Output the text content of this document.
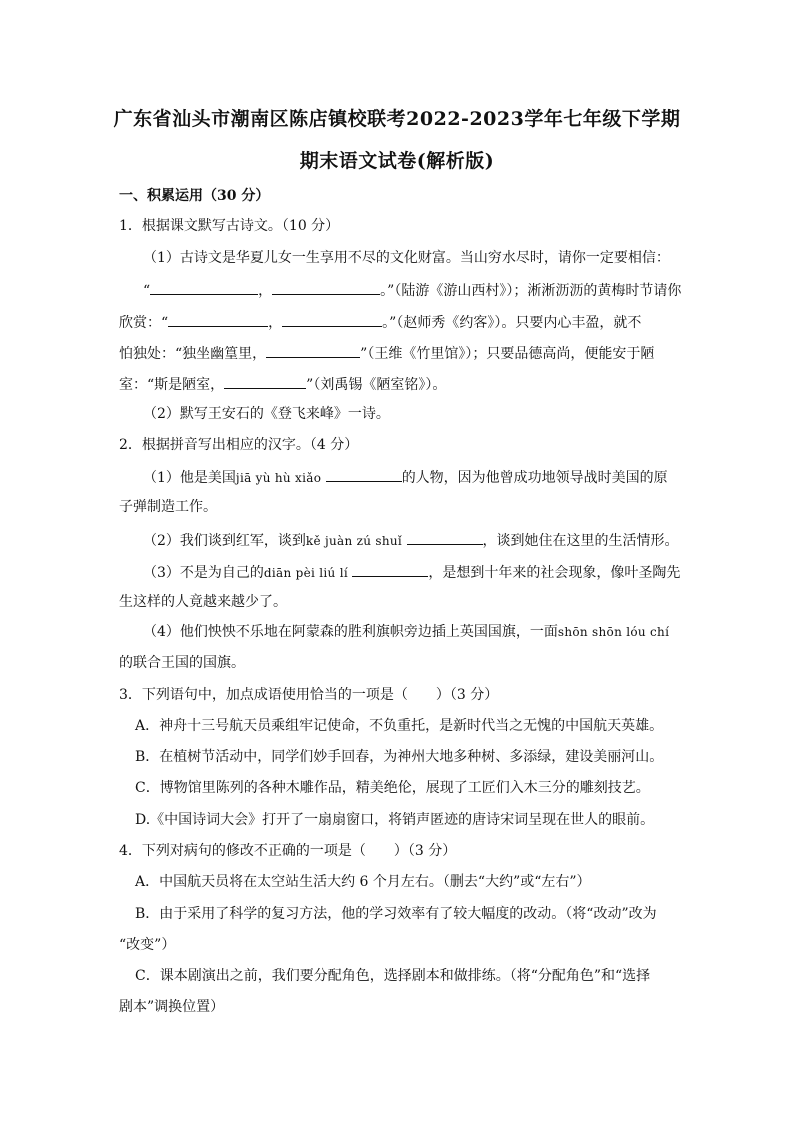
广东省汕头市潮南区陈店镇校联考2022-2023学年七年级下学期
期末语文试卷(解析版)
一、积累运用（30 分）
1．根据课文默写古诗文。（10 分）
（1）古诗文是华夏儿女一生享用不尽的文化财富。当山穷水尽时，请你一定要相信：
“	，	。”（陆游《游山西村》）；淅淅沥沥的黄梅时节请你
欣赏：“	，	。”（赵师秀《约客》）。只要内心丰盈，就不
怕独处：“独坐幽篁里，	”（王维《竹里馆》）；只要品德高尚，便能安于陋
室：“斯是陋室，	”（刘禹锡《陋室铭》）。
（2）默写王安石的《登飞来峰》一诗。
2．根据拼音写出相应的汉字。（4 分）
（1）他是美国jiā yù hù xiǎo	的人物，因为他曾成功地领导战时美国的原
子弹制造工作。
（2）我们谈到红军，谈到kě juàn zú shuǐ	，谈到她住在这里的生活情形。
（3）不是为自己的diān pèi liú lí	，是想到十年来的社会现象，像叶圣陶先
生这样的人竟越来越少了。
（4）他们怏怏不乐地在阿蒙森的胜利旗帜旁边插上英国国旗，一面shōn shōn lóu chí
的联合王国的国旗。
3．下列语句中，加点成语使用恰当的一项是（　　）（3 分）
A．神舟十三号航天员乘组牢记使命，不负重托，是新时代当之无愧的中国航天英雄。
B．在植树节活动中，同学们妙手回春，为神州大地多种树、多添绿，建设美丽河山。
C．博物馆里陈列的各种木雕作品，精美绝伦，展现了工匠们入木三分的雕刻技艺。
D.《中国诗词大会》打开了一扇扇窗口，将销声匿迹的唐诗宋词呈现在世人的眼前。
4．下列对病句的修改不正确的一项是（　　）（3 分）
A．中国航天员将在太空站生活大约 6 个月左右。（删去“大约”或“左右”）
B．由于采用了科学的复习方法，他的学习效率有了较大幅度的改动。（将“改动”改为
“改变”）
C．课本剧演出之前，我们要分配角色，选择剧本和做排练。（将“分配角色”和“选择
剧本”调换位置）
